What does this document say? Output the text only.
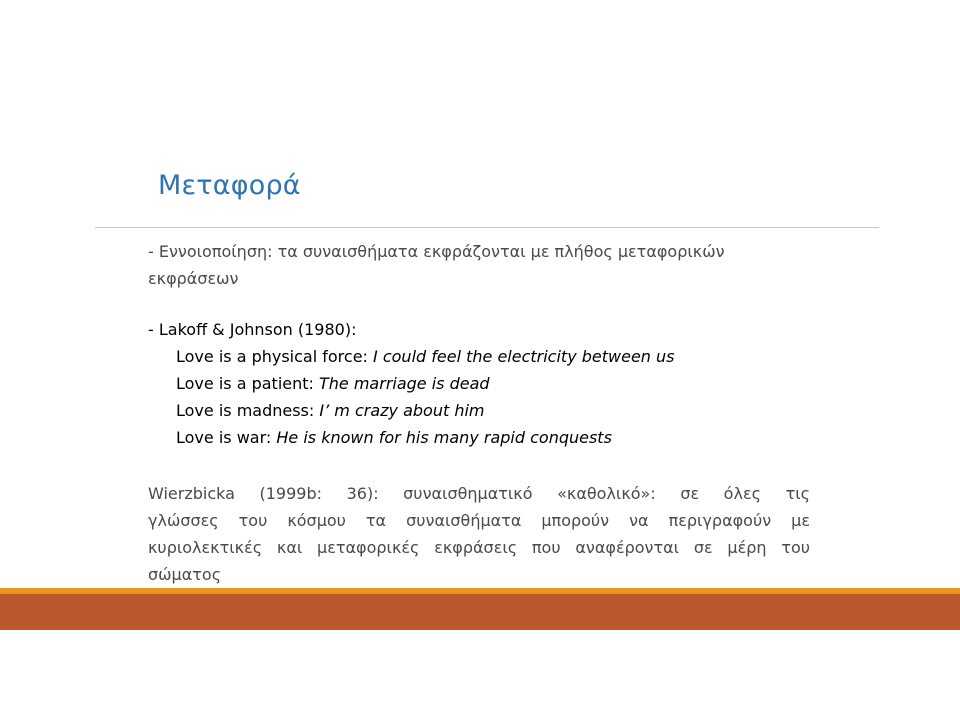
Μεταφορά
- Εννοιοποίηση: τα συναισθήματα εκφράζονται με πλήθος μεταφορικών
εκφράσεων
- Lakoff & Johnson (1980):
Love is a physical force: I could feel the electricity between us
Love is a patient: The marriage is dead
Love is madness: I’ m crazy about him
Love is war: He is known for his many rapid conquests
Wierzbicka (1999b: 36): συναισθηματικό «καθολικό»: σε όλες τις
γλώσσες του κόσμου τα συναισθήματα μπορούν να περιγραφούν με
κυριολεκτικές και μεταφορικές εκφράσεις που αναφέρονται σε μέρη του
σώματος
